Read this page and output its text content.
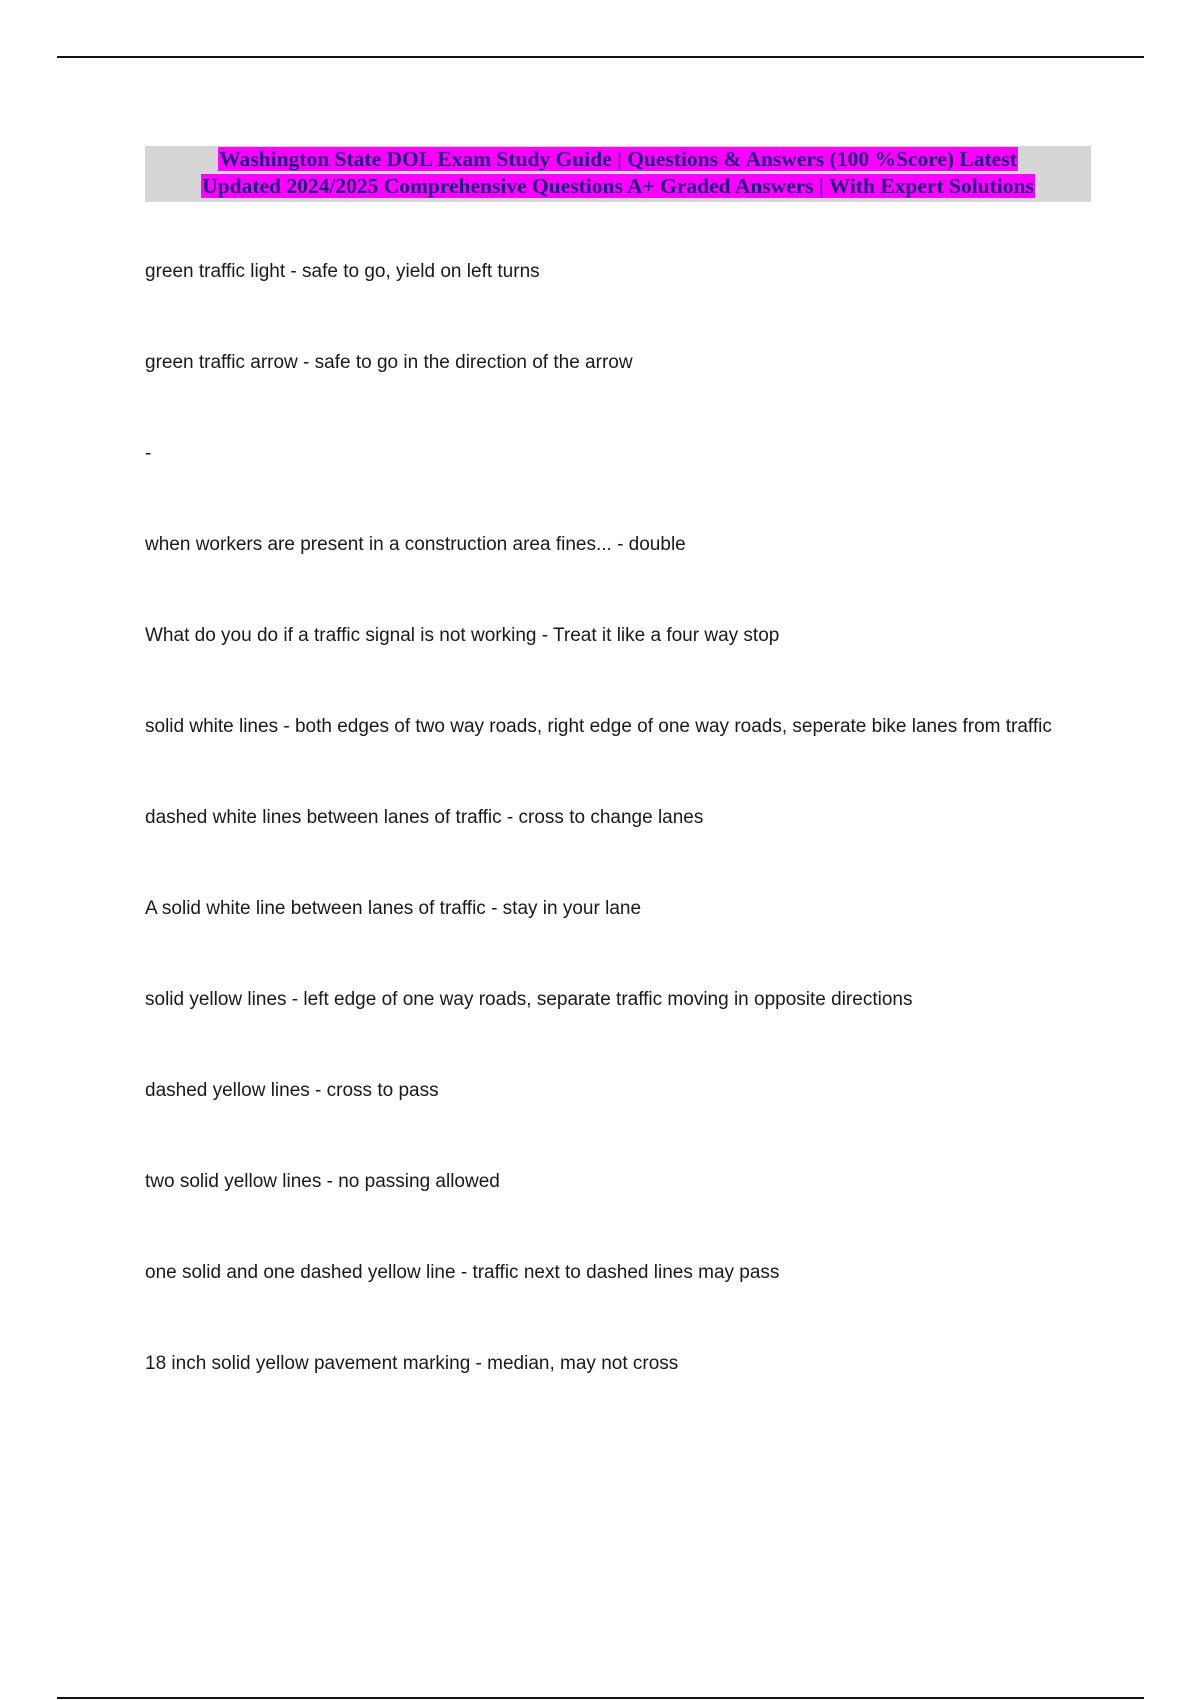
Washington State DOL Exam Study Guide | Questions & Answers (100 %Score) Latest
Updated 2024/2025 Comprehensive Questions A+ Graded Answers | With Expert Solutions
green traffic light - safe to go, yield on left turns
green traffic arrow - safe to go in the direction of the arrow
-
when workers are present in a construction area fines... - double
What do you do if a traffic signal is not working - Treat it like a four way stop
solid white lines - both edges of two way roads, right edge of one way roads, seperate bike lanes from traffic
dashed white lines between lanes of traffic - cross to change lanes
A solid white line between lanes of traffic - stay in your lane
solid yellow lines - left edge of one way roads, separate traffic moving in opposite directions
dashed yellow lines - cross to pass
two solid yellow lines - no passing allowed
one solid and one dashed yellow line - traffic next to dashed lines may pass
18 inch solid yellow pavement marking - median, may not cross
